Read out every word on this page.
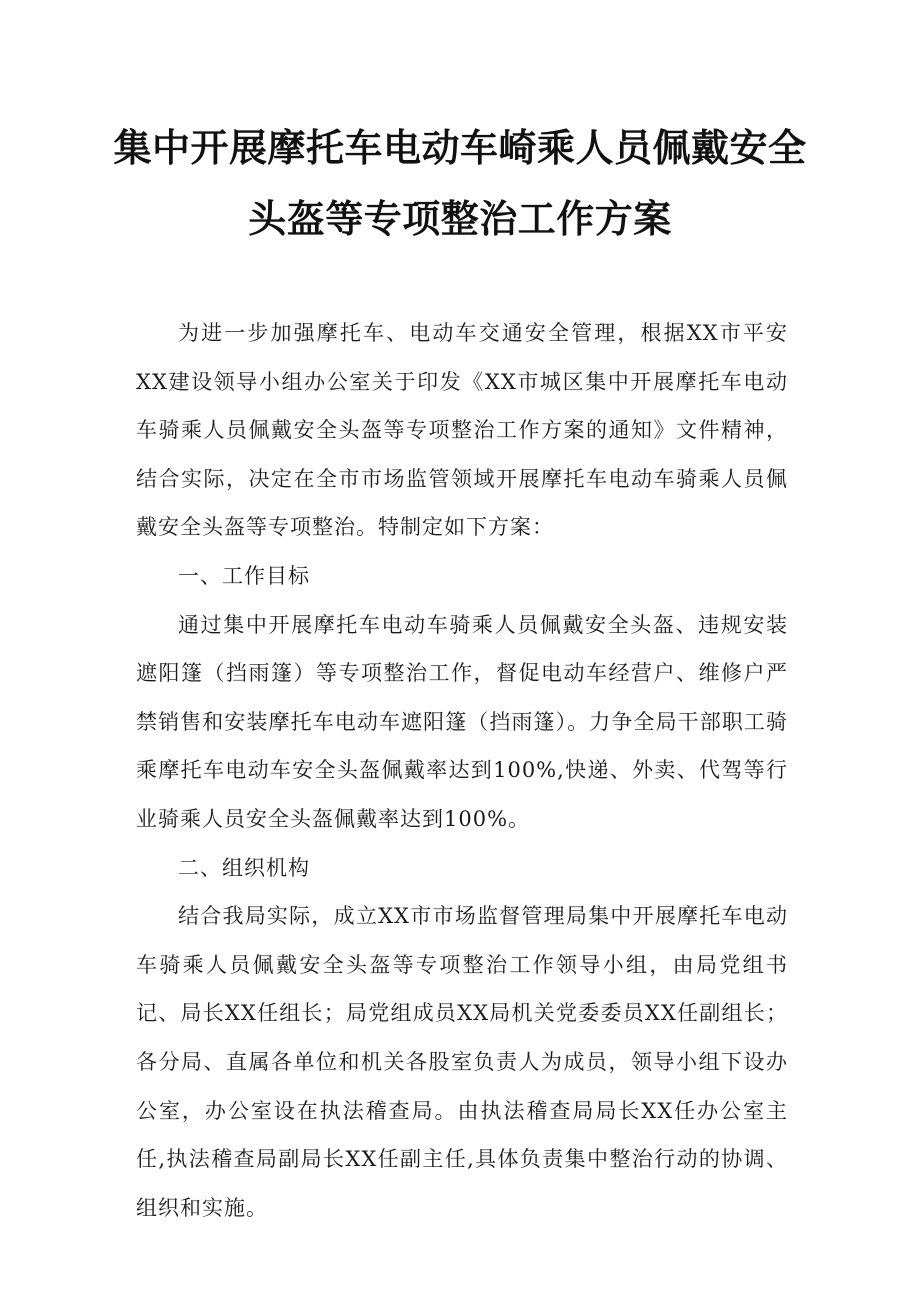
集中开展摩托车电动车崎乘人员佩戴安全
头盔等专项整治工作方案

为进一步加强摩托车、电动车交通安全管理，根据XX市平安XX建设领导小组办公室关于印发《XX市城区集中开展摩托车电动车骑乘人员佩戴安全头盔等专项整治工作方案的通知》文件精神，结合实际，决定在全市市场监管领域开展摩托车电动车骑乘人员佩戴安全头盔等专项整治。特制定如下方案：

一、工作目标

通过集中开展摩托车电动车骑乘人员佩戴安全头盔、违规安装遮阳篷（挡雨篷）等专项整治工作，督促电动车经营户、维修户严禁销售和安装摩托车电动车遮阳篷（挡雨篷）。力争全局干部职工骑乘摩托车电动车安全头盔佩戴率达到100%,快递、外卖、代驾等行业骑乘人员安全头盔佩戴率达到100%。

二、组织机构

结合我局实际，成立XX市市场监督管理局集中开展摩托车电动车骑乘人员佩戴安全头盔等专项整治工作领导小组，由局党组书记、局长XX任组长；局党组成员XX局机关党委委员XX任副组长；各分局、直属各单位和机关各股室负责人为成员，领导小组下设办公室，办公室设在执法稽查局。由执法稽查局局长XX任办公室主任,执法稽查局副局长XX任副主任,具体负责集中整治行动的协调、组织和实施。
